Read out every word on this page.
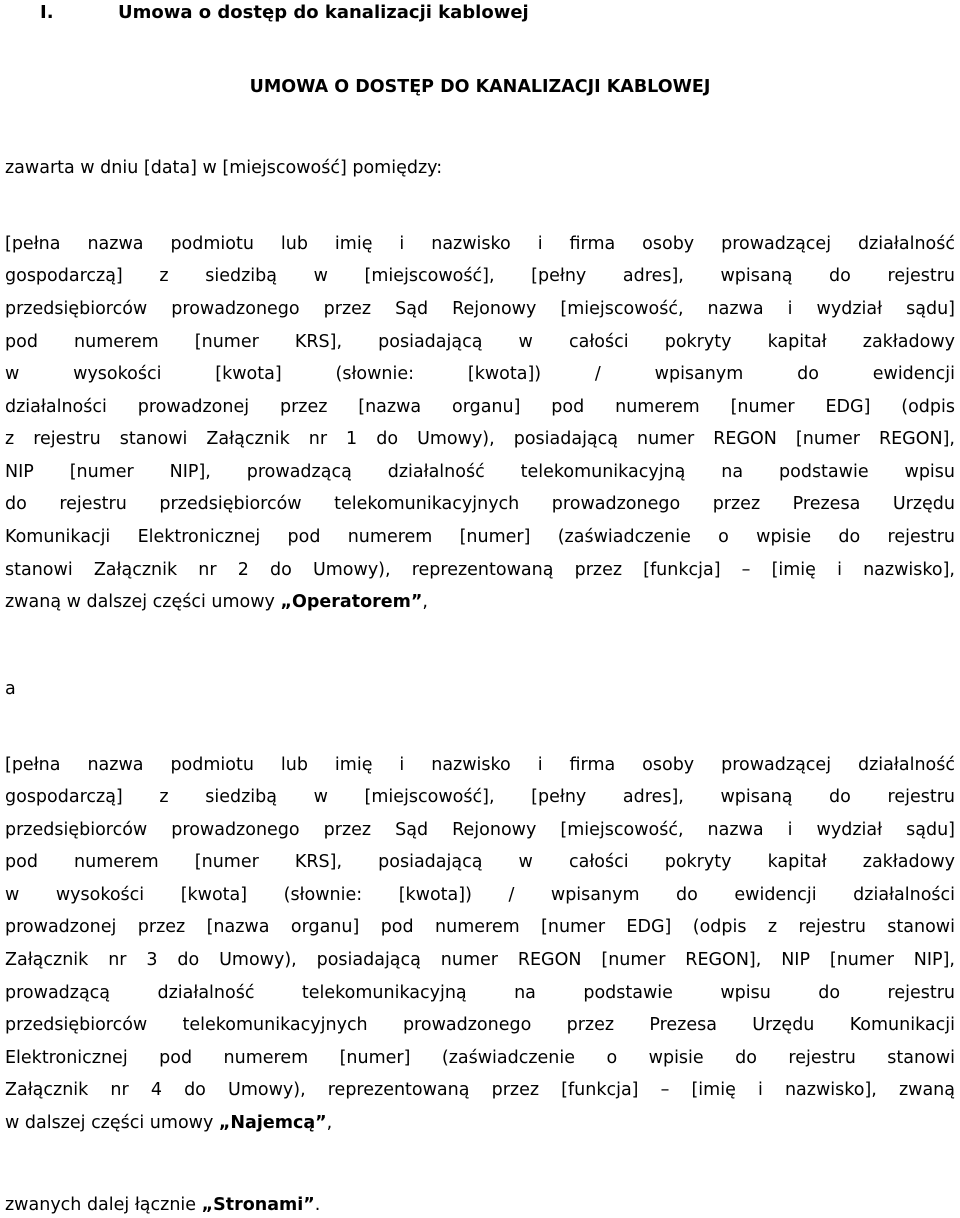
I.	Umowa o dostęp do kanalizacji kablowej
UMOWA O DOSTĘP DO KANALIZACJI KABLOWEJ
zawarta w dniu [data] w [miejscowość] pomiędzy:
[pełna nazwa podmiotu lub imię i nazwisko i firma osoby prowadzącej działalność
gospodarczą] z siedzibą w [miejscowość], [pełny adres], wpisaną do rejestru
przedsiębiorców prowadzonego przez Sąd Rejonowy [miejscowość, nazwa i wydział sądu]
pod numerem [numer KRS], posiadającą w całości pokryty kapitał zakładowy
w wysokości [kwota] (słownie: [kwota]) / wpisanym do ewidencji
działalności prowadzonej przez [nazwa organu] pod numerem [numer EDG] (odpis
z rejestru stanowi Załącznik nr 1 do Umowy), posiadającą numer REGON [numer REGON],
NIP [numer NIP], prowadzącą działalność telekomunikacyjną na podstawie wpisu
do rejestru przedsiębiorców telekomunikacyjnych prowadzonego przez Prezesa Urzędu
Komunikacji Elektronicznej pod numerem [numer] (zaświadczenie o wpisie do rejestru
stanowi Załącznik nr 2 do Umowy), reprezentowaną przez [funkcja] – [imię i nazwisko],
zwaną w dalszej części umowy „Operatorem”,
a
[pełna nazwa podmiotu lub imię i nazwisko i firma osoby prowadzącej działalność
gospodarczą] z siedzibą w [miejscowość], [pełny adres], wpisaną do rejestru
przedsiębiorców prowadzonego przez Sąd Rejonowy [miejscowość, nazwa i wydział sądu]
pod numerem [numer KRS], posiadającą w całości pokryty kapitał zakładowy
w wysokości [kwota] (słownie: [kwota]) / wpisanym do ewidencji działalności
prowadzonej przez [nazwa organu] pod numerem [numer EDG] (odpis z rejestru stanowi
Załącznik nr 3 do Umowy), posiadającą numer REGON [numer REGON], NIP [numer NIP],
prowadzącą działalność telekomunikacyjną na podstawie wpisu do rejestru
przedsiębiorców telekomunikacyjnych prowadzonego przez Prezesa Urzędu Komunikacji
Elektronicznej pod numerem [numer] (zaświadczenie o wpisie do rejestru stanowi
Załącznik nr 4 do Umowy), reprezentowaną przez [funkcja] – [imię i nazwisko], zwaną
w dalszej części umowy „Najemcą”,
zwanych dalej łącznie „Stronami”.
